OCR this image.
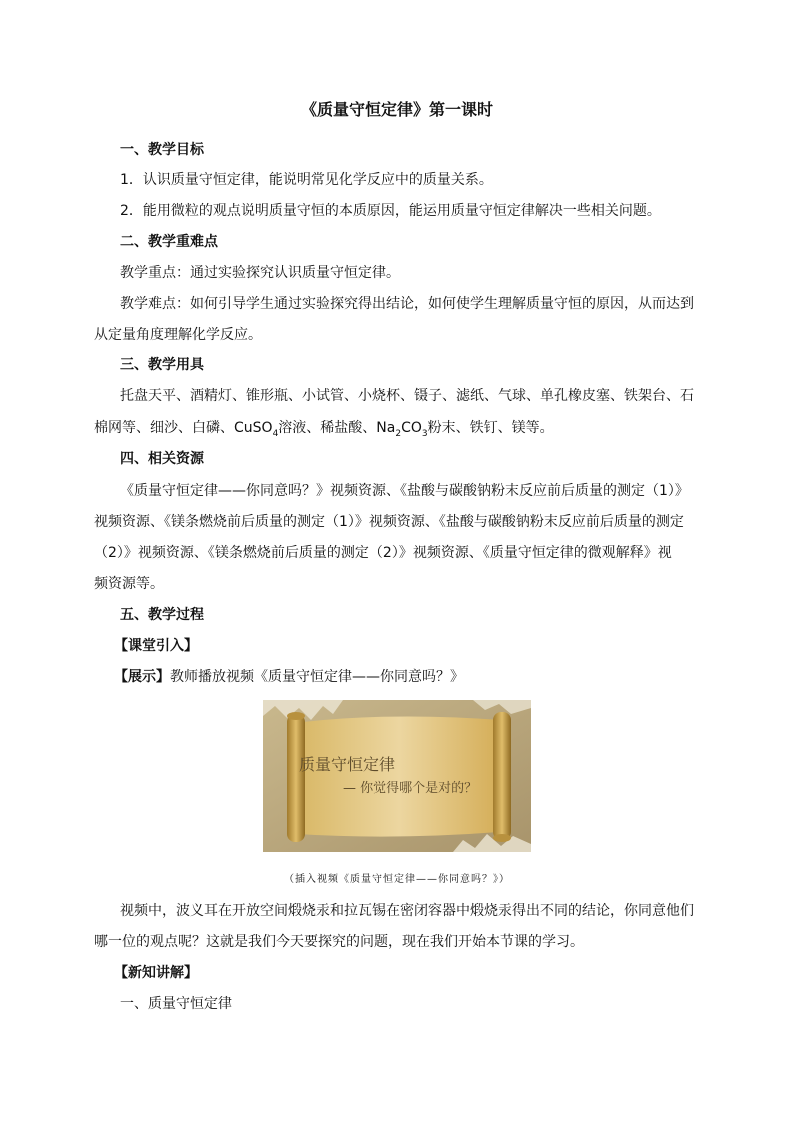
《质量守恒定律》第一课时
一、教学目标
1．认识质量守恒定律，能说明常见化学反应中的质量关系。
2．能用微粒的观点说明质量守恒的本质原因，能运用质量守恒定律解决一些相关问题。
二、教学重难点
教学重点：通过实验探究认识质量守恒定律。
教学难点：如何引导学生通过实验探究得出结论，如何使学生理解质量守恒的原因，从而达到
从定量角度理解化学反应。
三、教学用具
托盘天平、酒精灯、锥形瓶、小试管、小烧杯、镊子、滤纸、气球、单孔橡皮塞、铁架台、石
棉网等、细沙、白磷、CuSO$_4$溶液、稀盐酸、$Na_2CO_3$粉末、铁钉、镁等。
四、相关资源
《质量守恒定律——你同意吗？》视频资源、《盐酸与碳酸钠粉末反应前后质量的测定（1）》
视频资源、《镁条燃烧前后质量的测定（1）》视频资源、《盐酸与碳酸钠粉末反应前后质量的测定
（2）》视频资源、《镁条燃烧前后质量的测定（2）》视频资源、《质量守恒定律的微观解释》视
频资源等。
五、教学过程
【课堂引入】
【展示】教师播放视频《质量守恒定律——你同意吗？》
质量守恒定律
— 你觉得哪个是对的？
（插入视频《质量守恒定律——你同意吗？》）
视频中，波义耳在开放空间煅烧汞和拉瓦锡在密闭容器中煅烧汞得出不同的结论，你同意他们
哪一位的观点呢？这就是我们今天要探究的问题，现在我们开始本节课的学习。
【新知讲解】
一、质量守恒定律
